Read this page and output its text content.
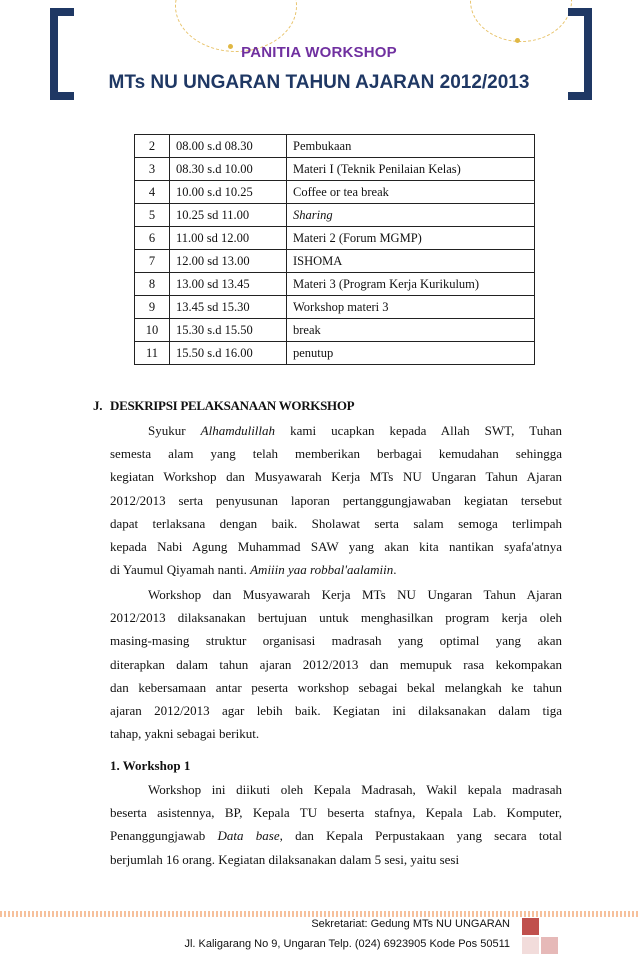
PANITIA WORKSHOP
MTs NU UNGARAN TAHUN AJARAN 2012/2013
2	08.00 s.d 08.30	Pembukaan
3	08.30 s.d 10.00	Materi I (Teknik Penilaian Kelas)
4	10.00 s.d 10.25	Coffee or tea break
5	10.25 sd 11.00	Sharing
6	11.00 sd 12.00	Materi 2 (Forum MGMP)
7	12.00 sd 13.00	ISHOMA
8	13.00 sd 13.45	Materi 3 (Program Kerja Kurikulum)
9	13.45 sd 15.30	Workshop materi 3
10	15.30 s.d 15.50	break
11	15.50 s.d 16.00	penutup
J. DESKRIPSI PELAKSANAAN WORKSHOP
Syukur Alhamdulillah kami ucapkan kepada Allah SWT, Tuhan
semesta alam yang telah memberikan berbagai kemudahan sehingga
kegiatan Workshop dan Musyawarah Kerja MTs NU Ungaran Tahun Ajaran
2012/2013 serta penyusunan laporan pertanggungjawaban kegiatan tersebut
dapat terlaksana dengan baik. Sholawat serta salam semoga terlimpah
kepada Nabi Agung Muhammad SAW yang akan kita nantikan syafa'atnya
di Yaumul Qiyamah nanti. Amiiin yaa robbal'aalamiin.
Workshop dan Musyawarah Kerja MTs NU Ungaran Tahun Ajaran
2012/2013 dilaksanakan bertujuan untuk menghasilkan program kerja oleh
masing-masing struktur organisasi madrasah yang optimal yang akan
diterapkan dalam tahun ajaran 2012/2013 dan memupuk rasa kekompakan
dan kebersamaan antar peserta workshop sebagai bekal melangkah ke tahun
ajaran 2012/2013 agar lebih baik. Kegiatan ini dilaksanakan dalam tiga
tahap, yakni sebagai berikut.
1. Workshop 1
Workshop ini diikuti oleh Kepala Madrasah, Wakil kepala madrasah
beserta asistennya, BP, Kepala TU beserta stafnya, Kepala Lab. Komputer,
Penanggungjawab Data base, dan Kepala Perpustakaan yang secara total
berjumlah 16 orang. Kegiatan dilaksanakan dalam 5 sesi, yaitu sesi
Sekretariat: Gedung MTs NU UNGARAN
Jl. Kaligarang No 9, Ungaran Telp. (024) 6923905 Kode Pos 50511
